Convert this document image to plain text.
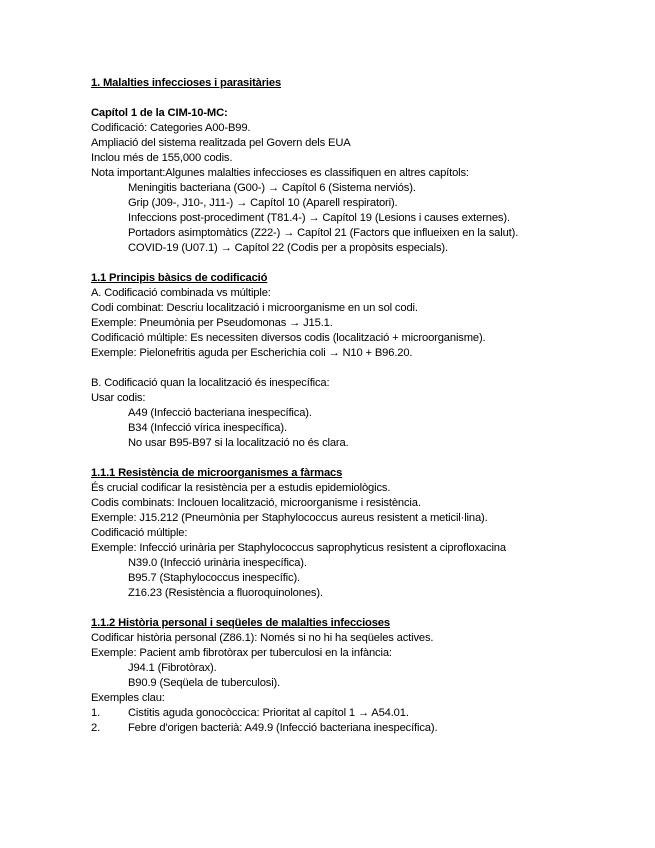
1. Malalties infeccioses i parasitàries
Capítol 1 de la CIM-10-MC:
Codificació: Categories A00-B99.
Ampliació del sistema realitzada pel Govern dels EUA
Inclou més de 155,000 codis.
Nota important:Algunes malalties infeccioses es classifiquen en altres capítols:
Meningitis bacteriana (G00-) → Capítol 6 (Sistema nerviós).
Grip (J09-, J10-, J11-) → Capítol 10 (Aparell respiratori).
Infeccions post-procediment (T81.4-) → Capítol 19 (Lesions i causes externes).
Portadors asimptomàtics (Z22-) → Capítol 21 (Factors que influeixen en la salut).
COVID-19 (U07.1) → Capítol 22 (Codis per a propòsits especials).
1.1 Principis bàsics de codificació
A. Codificació combinada vs múltiple:
Codi combinat: Descriu localització i microorganisme en un sol codi.
Exemple: Pneumònia per Pseudomonas → J15.1.
Codificació múltiple: Es necessiten diversos codis (localització + microorganisme).
Exemple: Pielonefritis aguda per Escherichia coli → N10 + B96.20.
B. Codificació quan la localització és inespecífica:
Usar codis:
A49 (Infecció bacteriana inespecífica).
B34 (Infecció vírica inespecífica).
No usar B95-B97 si la localització no és clara.
1.1.1 Resistència de microorganismes a fàrmacs
És crucial codificar la resistència per a estudis epidemiològics.
Codis combinats: Inclouen localització, microorganisme i resistència.
Exemple: J15.212 (Pneumònia per Staphylococcus aureus resistent a meticil·lina).
Codificació múltiple:
Exemple: Infecció urinària per Staphylococcus saprophyticus resistent a ciprofloxacina
N39.0 (Infecció urinària inespecífica).
B95.7 (Staphylococcus inespecífic).
Z16.23 (Resistència a fluoroquinolones).
1.1.2 Història personal i seqüeles de malalties infeccioses
Codificar història personal (Z86.1): Només si no hi ha seqüeles actives.
Exemple: Pacient amb fibrotòrax per tuberculosi en la infància:
J94.1 (Fibrotòrax).
B90.9 (Seqüela de tuberculosi).
Exemples clau:
1.	Cistitis aguda gonocòccica: Prioritat al capítol 1 → A54.01.
2.	Febre d'origen bacterià: A49.9 (Infecció bacteriana inespecífica).
